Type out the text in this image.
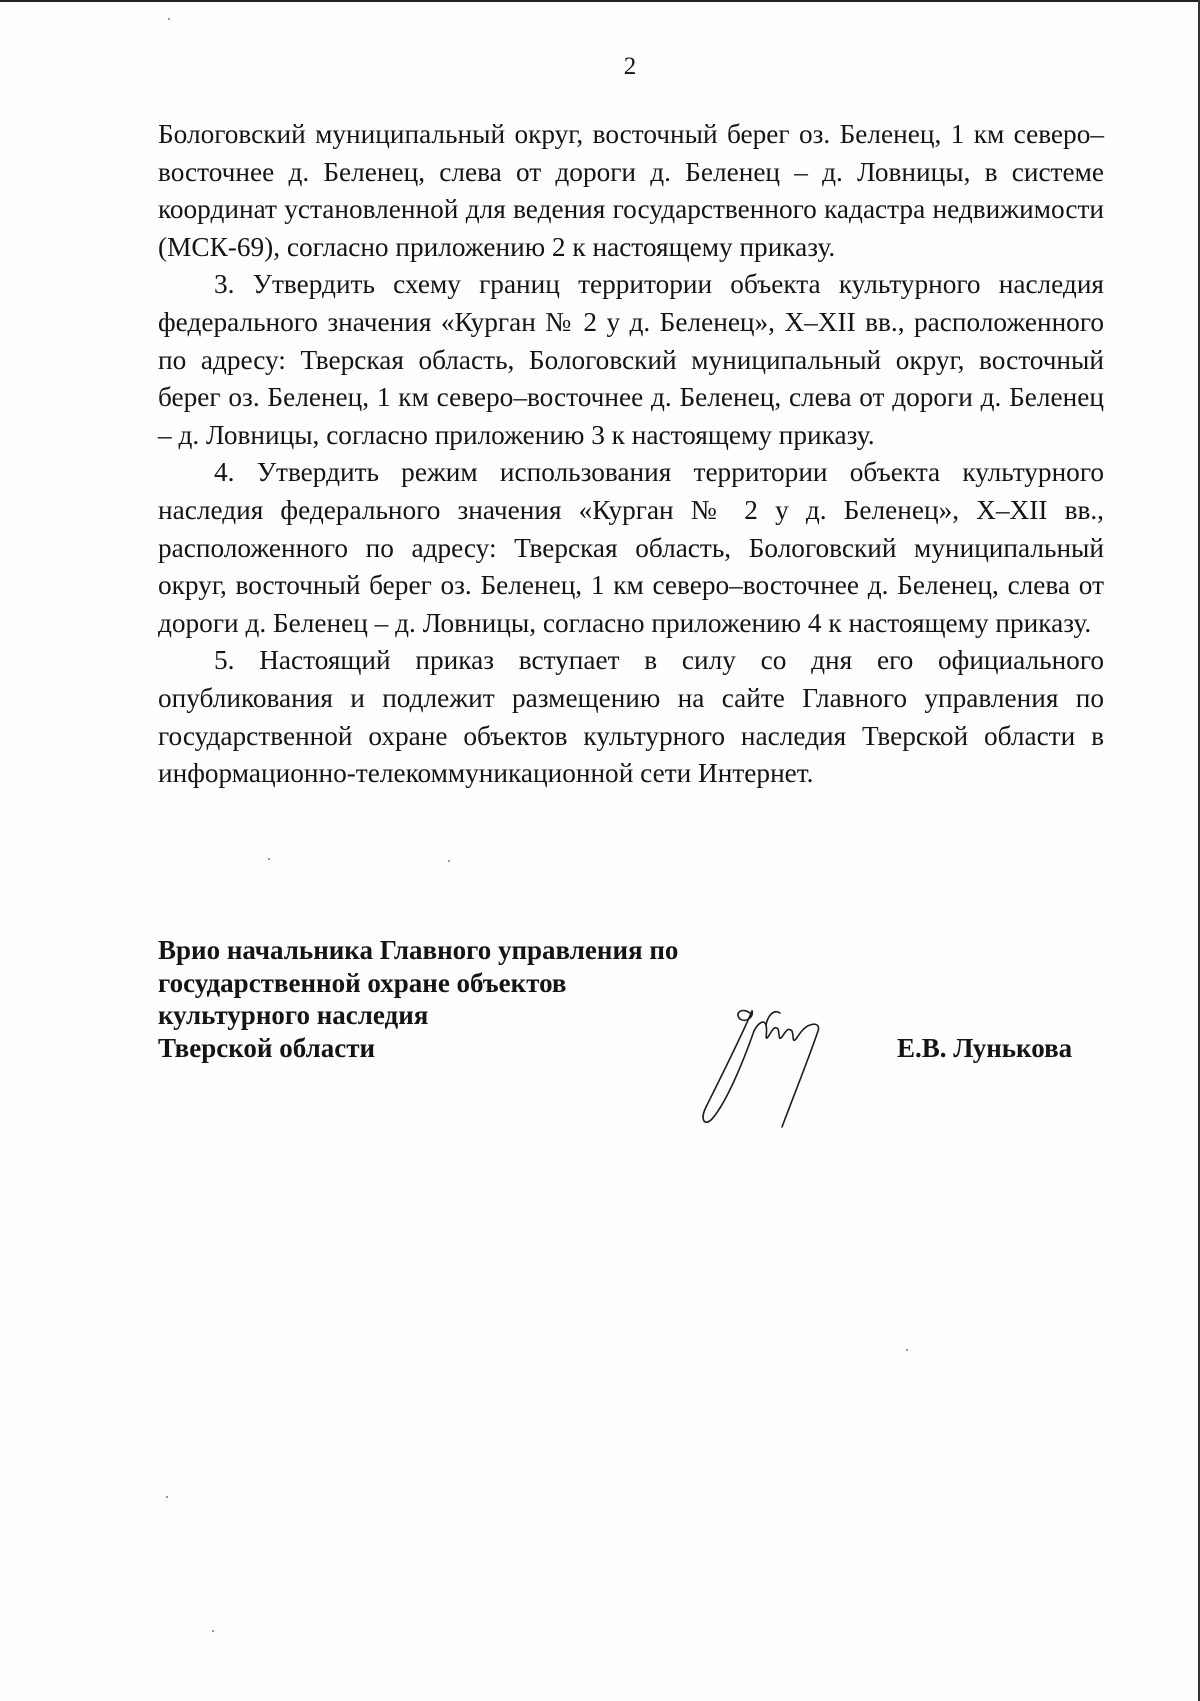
2

Бологовский муниципальный округ, восточный берег оз. Беленец, 1 км северо–восточнее д. Беленец, слева от дороги д. Беленец – д. Ловницы, в системе координат установленной для ведения государственного кадастра недвижимости (МСК-69), согласно приложению 2 к настоящему приказу.

3. Утвердить схему границ территории объекта культурного наследия федерального значения «Курган № 2 у д. Беленец», X–XII вв., расположенного по адресу: Тверская область, Бологовский муниципальный округ, восточный берег оз. Беленец, 1 км северо–восточнее д. Беленец, слева от дороги д. Беленец – д. Ловницы, согласно приложению 3 к настоящему приказу.

4. Утвердить режим использования территории объекта культурного наследия федерального значения «Курган № 2 у д. Беленец», X–XII вв., расположенного по адресу: Тверская область, Бологовский муниципальный округ, восточный берег оз. Беленец, 1 км северо–восточнее д. Беленец, слева от дороги д. Беленец – д. Ловницы, согласно приложению 4 к настоящему приказу.

5. Настоящий приказ вступает в силу со дня его официального опубликования и подлежит размещению на сайте Главного управления по государственной охране объектов культурного наследия Тверской области в информационно-телекоммуникационной сети Интернет.

Врио начальника Главного управления по
государственной охране объектов
культурного наследия
Тверской области	Е.В. Лунькова
